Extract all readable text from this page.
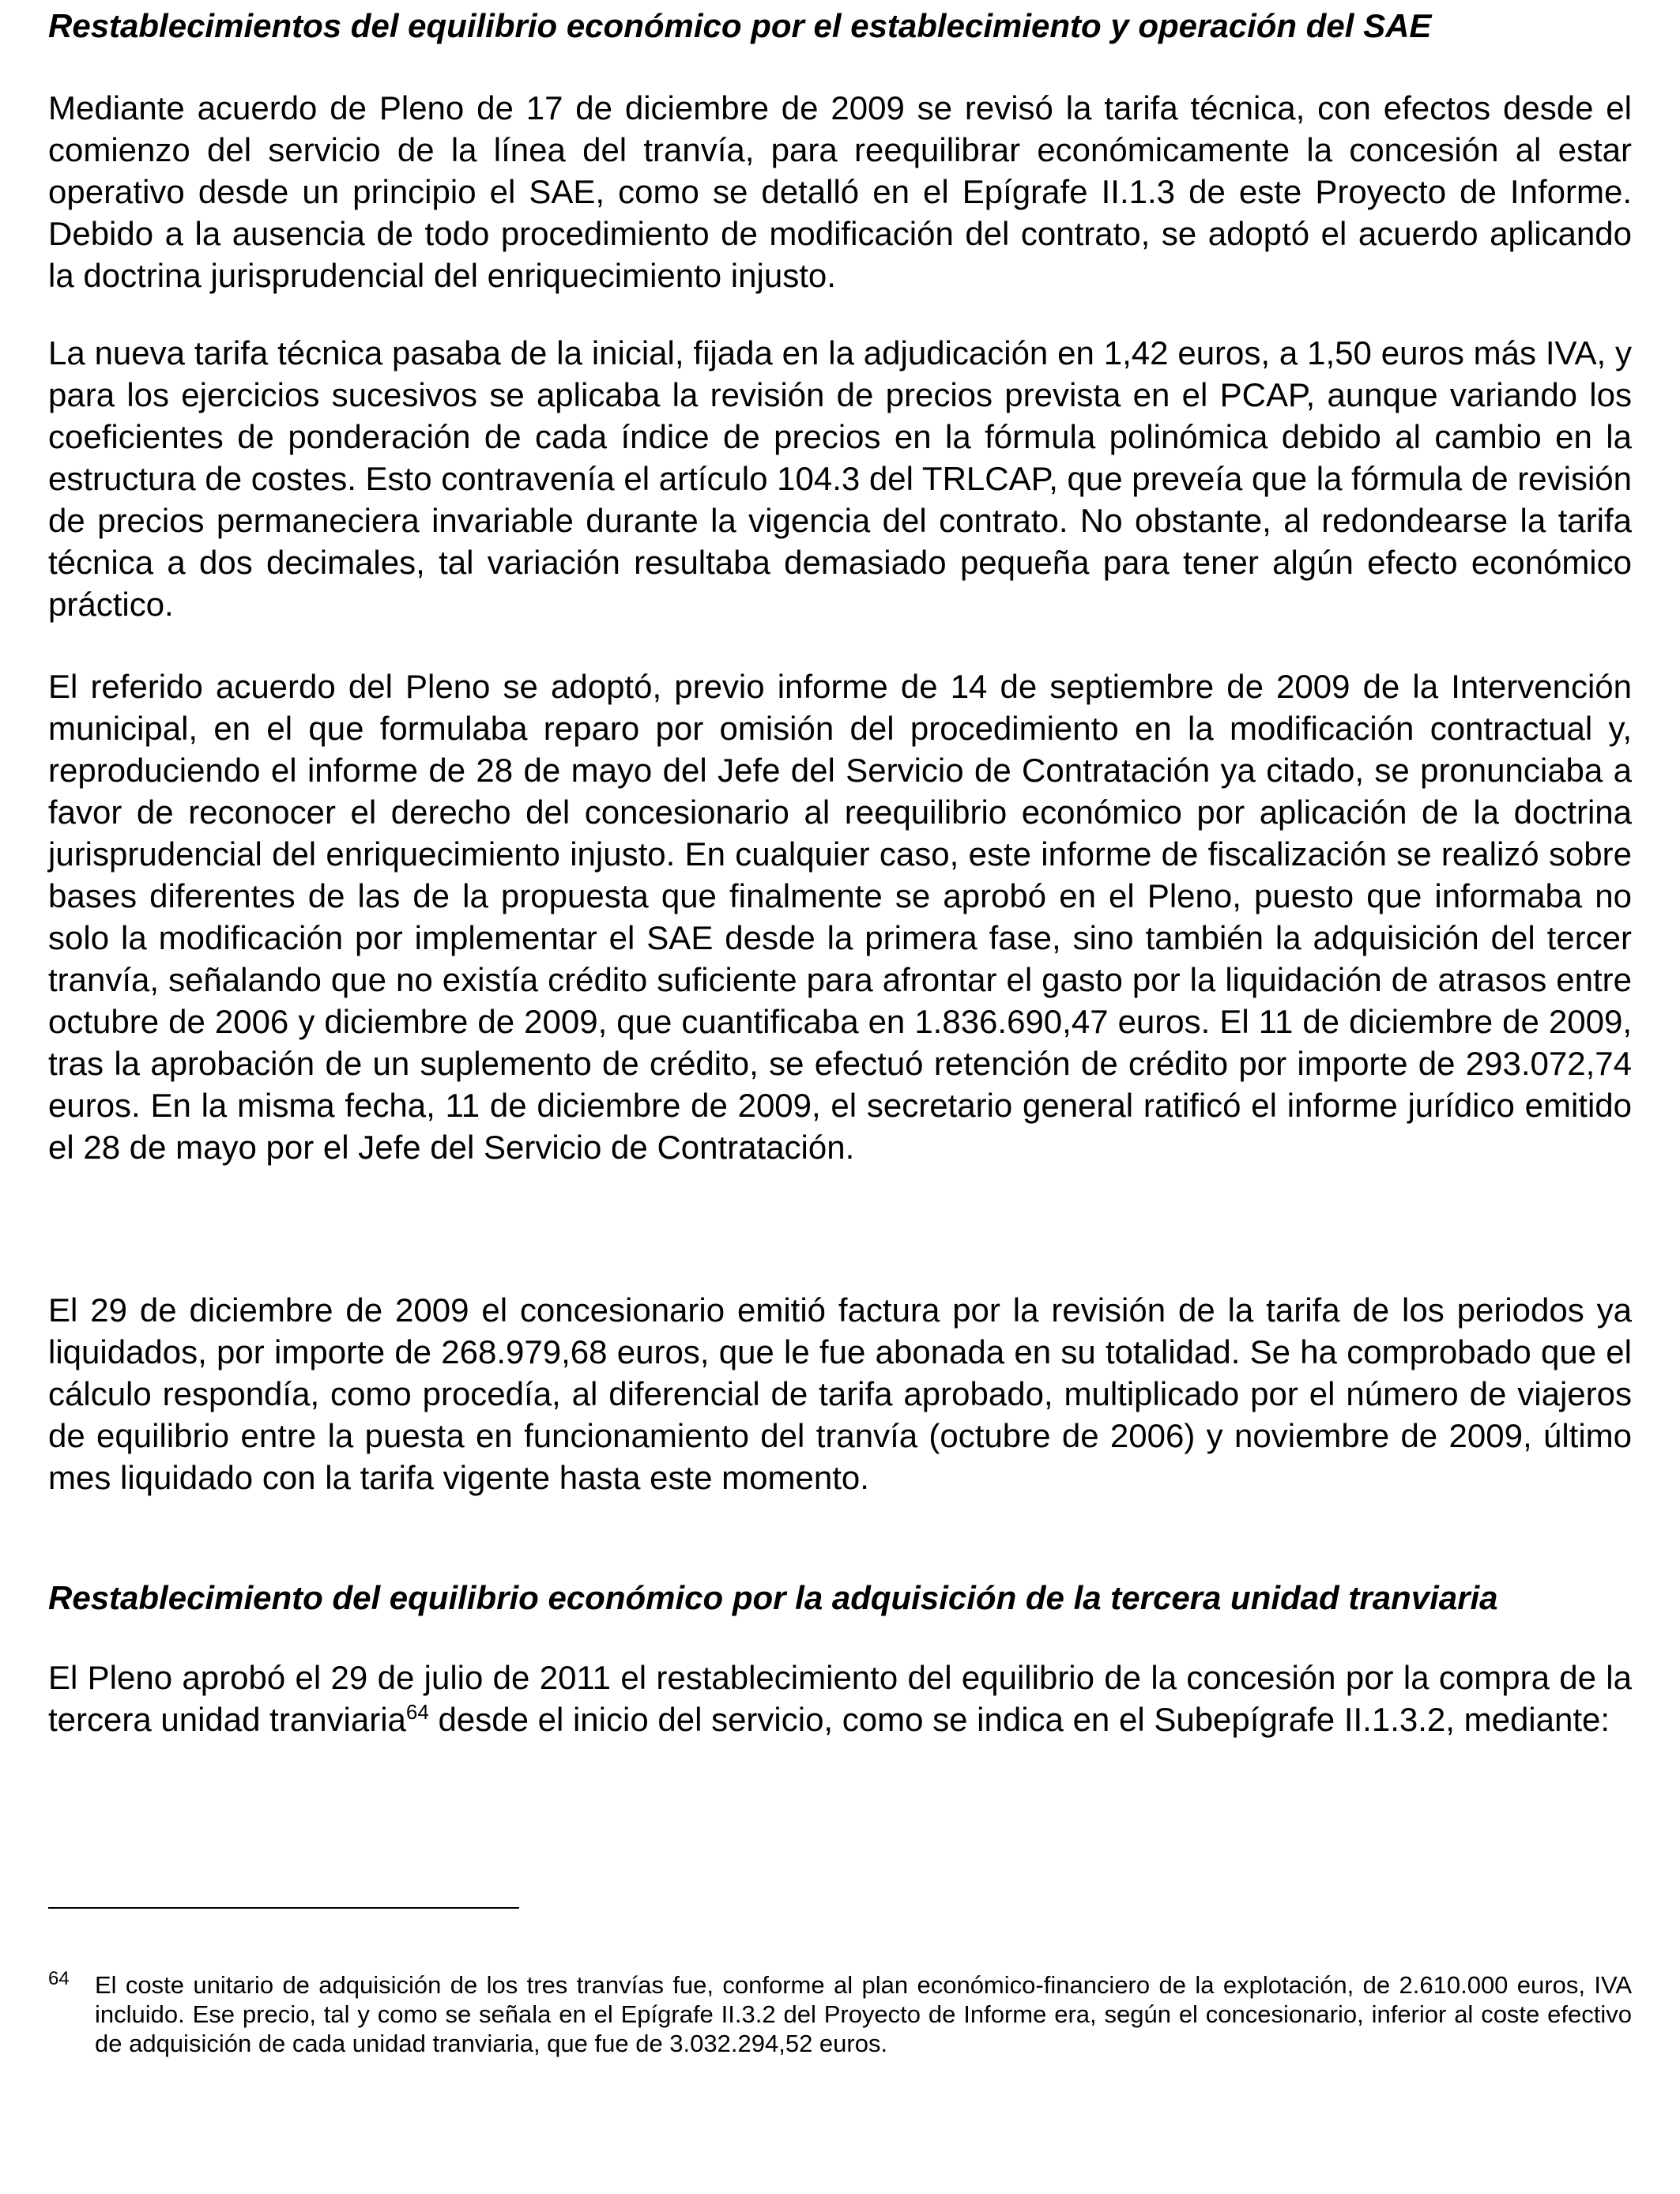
Restablecimientos del equilibrio económico por el establecimiento y operación del SAE

Mediante acuerdo de Pleno de 17 de diciembre de 2009 se revisó la tarifa técnica, con efectos desde el comienzo del servicio de la línea del tranvía, para reequilibrar económicamente la concesión al estar operativo desde un principio el SAE, como se detalló en el Epígrafe II.1.3 de este Proyecto de Informe. Debido a la ausencia de todo procedimiento de modificación del contrato, se adoptó el acuerdo aplicando la doctrina jurisprudencial del enriquecimiento injusto.

La nueva tarifa técnica pasaba de la inicial, fijada en la adjudicación en 1,42 euros, a 1,50 euros más IVA, y para los ejercicios sucesivos se aplicaba la revisión de precios prevista en el PCAP, aunque variando los coeficientes de ponderación de cada índice de precios en la fórmula polinómica debido al cambio en la estructura de costes. Esto contravenía el artículo 104.3 del TRLCAP, que preveía que la fórmula de revisión de precios permaneciera invariable durante la vigencia del contrato. No obstante, al redondearse la tarifa técnica a dos decimales, tal variación resultaba demasiado pequeña para tener algún efecto económico práctico.

El referido acuerdo del Pleno se adoptó, previo informe de 14 de septiembre de 2009 de la Intervención municipal, en el que formulaba reparo por omisión del procedimiento en la modificación contractual y, reproduciendo el informe de 28 de mayo del Jefe del Servicio de Contratación ya citado, se pronunciaba a favor de reconocer el derecho del concesionario al reequilibrio económico por aplicación de la doctrina jurisprudencial del enriquecimiento injusto. En cualquier caso, este informe de fiscalización se realizó sobre bases diferentes de las de la propuesta que finalmente se aprobó en el Pleno, puesto que informaba no solo la modificación por implementar el SAE desde la primera fase, sino también la adquisición del tercer tranvía, señalando que no existía crédito suficiente para afrontar el gasto por la liquidación de atrasos entre octubre de 2006 y diciembre de 2009, que cuantificaba en 1.836.690,47 euros. El 11 de diciembre de 2009, tras la aprobación de un suplemento de crédito, se efectuó retención de crédito por importe de 293.072,74 euros. En la misma fecha, 11 de diciembre de 2009, el secretario general ratificó el informe jurídico emitido el 28 de mayo por el Jefe del Servicio de Contratación.

El 29 de diciembre de 2009 el concesionario emitió factura por la revisión de la tarifa de los periodos ya liquidados, por importe de 268.979,68 euros, que le fue abonada en su totalidad. Se ha comprobado que el cálculo respondía, como procedía, al diferencial de tarifa aprobado, multiplicado por el número de viajeros de equilibrio entre la puesta en funcionamiento del tranvía (octubre de 2006) y noviembre de 2009, último mes liquidado con la tarifa vigente hasta este momento.

Restablecimiento del equilibrio económico por la adquisición de la tercera unidad tranviaria

El Pleno aprobó el 29 de julio de 2011 el restablecimiento del equilibrio de la concesión por la compra de la tercera unidad tranviaria$^{64}$ desde el inicio del servicio, como se indica en el Subepígrafe II.1.3.2, mediante:

64 El coste unitario de adquisición de los tres tranvías fue, conforme al plan económico-financiero de la explotación, de 2.610.000 euros, IVA incluido. Ese precio, tal y como se señala en el Epígrafe II.3.2 del Proyecto de Informe era, según el concesionario, inferior al coste efectivo de adquisición de cada unidad tranviaria, que fue de 3.032.294,52 euros.
